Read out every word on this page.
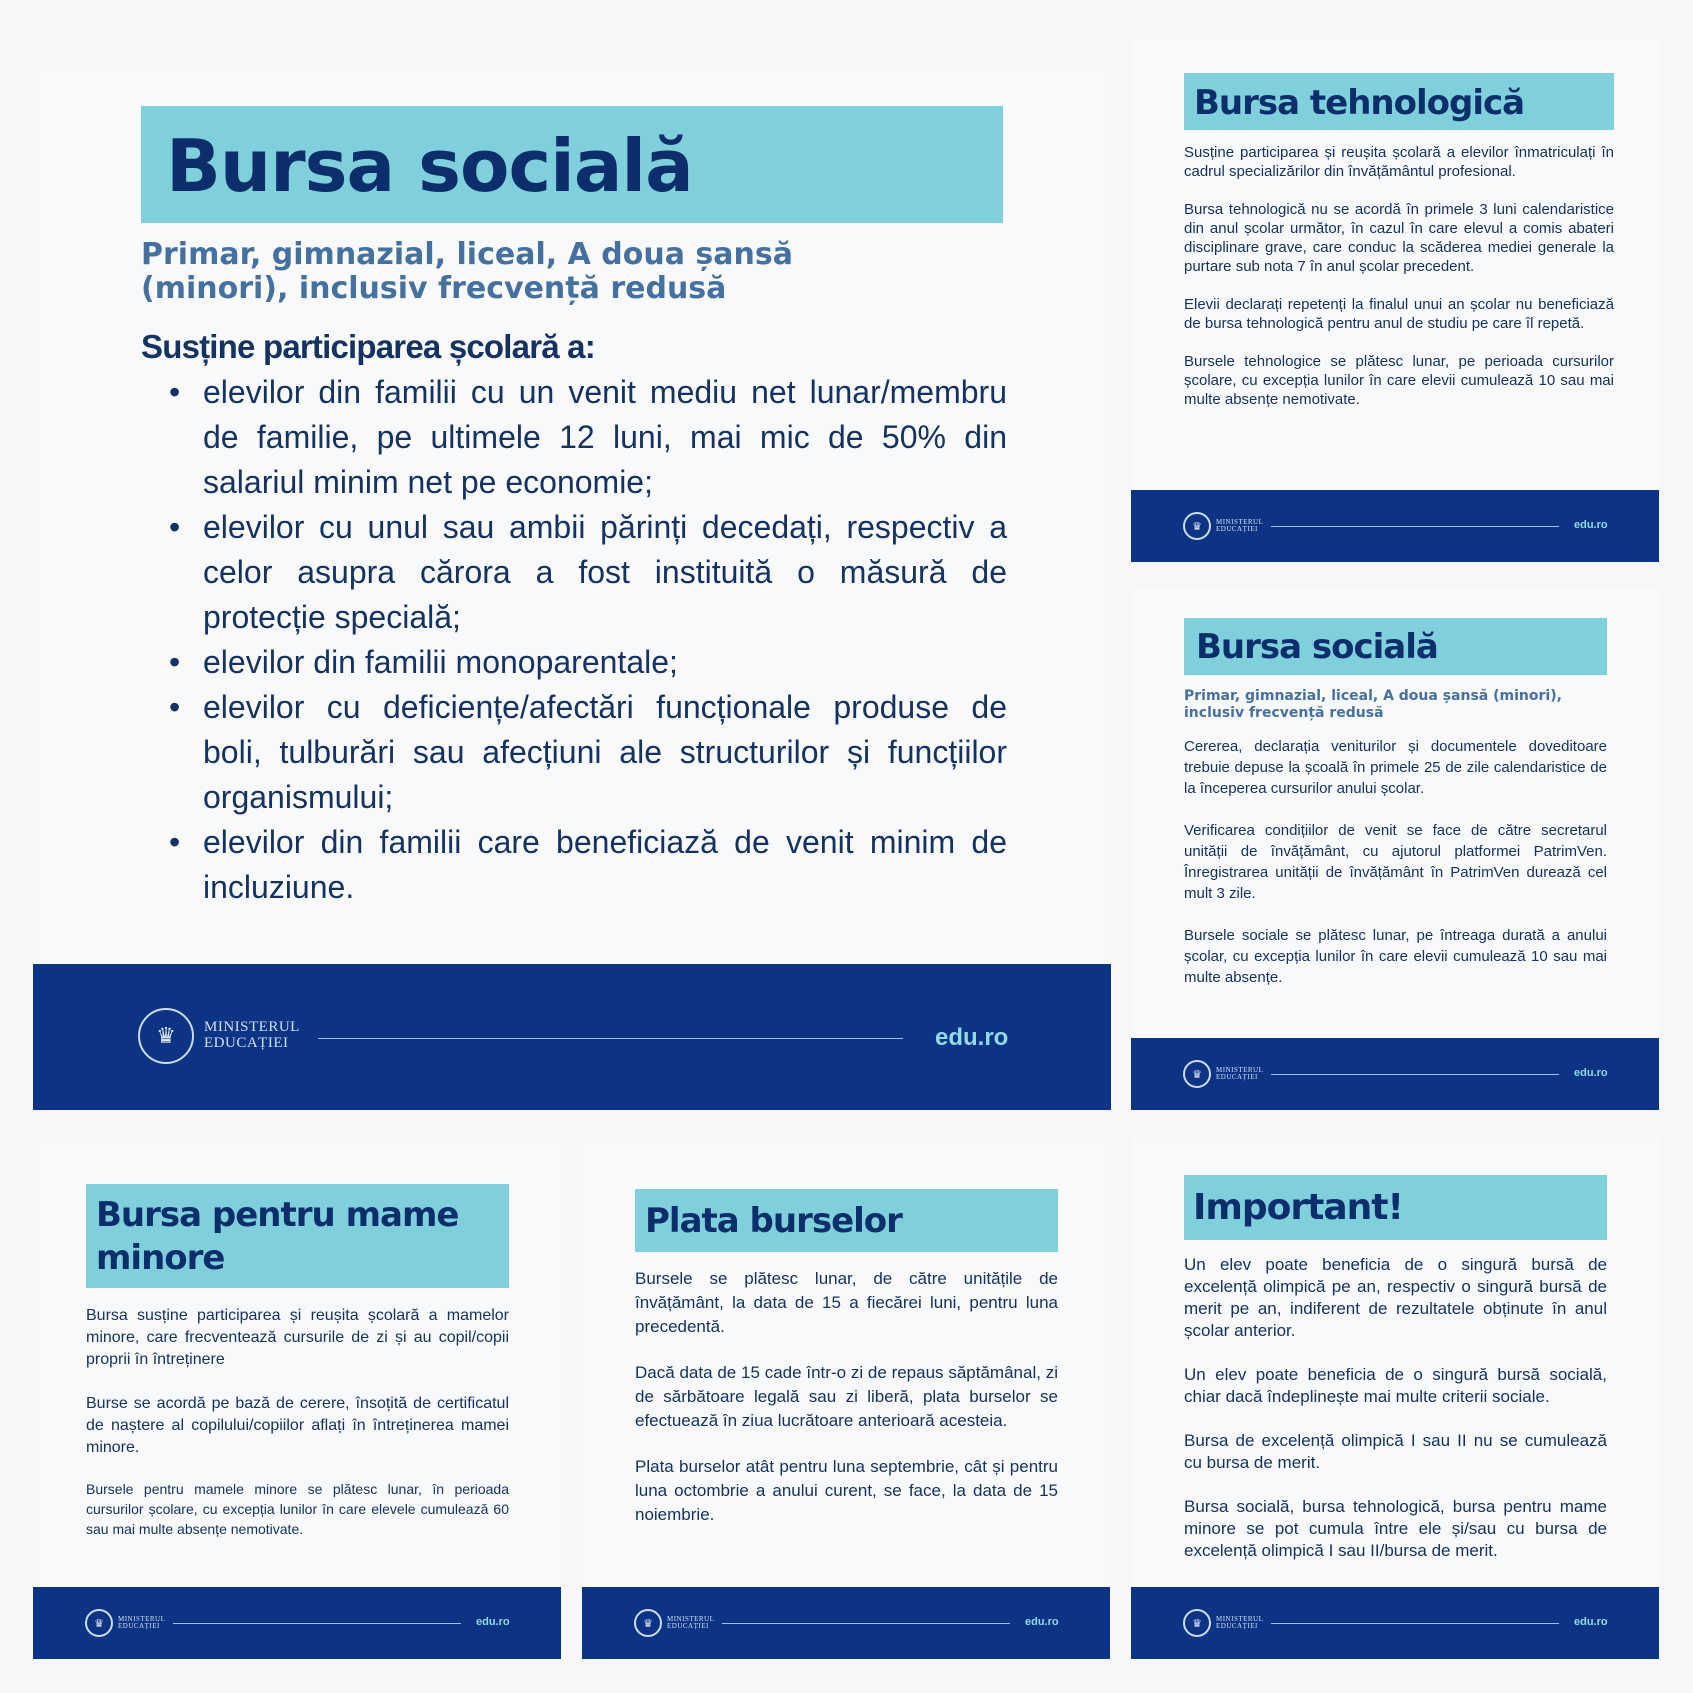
Bursa socială
Primar, gimnazial, liceal, A doua șansă (minori), inclusiv frecvență redusă
Susține participarea școlară a:
• elevilor din familii cu un venit mediu net lunar/membru de familie, pe ultimele 12 luni, mai mic de 50% din salariul minim net pe economie;
• elevilor cu unul sau ambii părinți decedați, respectiv a celor asupra cărora a fost instituită o măsură de protecție specială;
• elevilor din familii monoparentale;
• elevilor cu deficiențe/afectări funcționale produse de boli, tulburări sau afecțiuni ale structurilor și funcțiilor organismului;
• elevilor din familii care beneficiază de venit minim de incluziune.
♛	MINISTERUL
EDUCAȚIEI	edu.ro
Bursa tehnologică

Susține participarea și reușita școlară a elevilor înmatriculați în cadrul specializărilor din învățământul profesional.

Bursa tehnologică nu se acordă în primele 3 luni calendaristice din anul școlar următor, în cazul în care elevul a comis abateri disciplinare grave, care conduc la scăderea mediei generale la purtare sub nota 7 în anul școlar precedent.

Elevii declarați repetenți la finalul unui an școlar nu beneficiază de bursa tehnologică pentru anul de studiu pe care îl repetă.

Bursele tehnologice se plătesc lunar, pe perioada cursurilor școlare, cu excepția lunilor în care elevii cumulează 10 sau mai multe absențe nemotivate.

♛	MINISTERUL
EDUCAȚIEI	edu.ro
Bursa socială
Primar, gimnazial, liceal, A doua șansă (minori), inclusiv frecvență redusă

Cererea, declarația veniturilor și documentele doveditoare trebuie depuse la școală în primele 25 de zile calendaristice de la începerea cursurilor anului școlar.

Verificarea condițiilor de venit se face de către secretarul unității de învățământ, cu ajutorul platformei PatrimVen. Înregistrarea unității de învățământ în PatrimVen durează cel mult 3 zile.

Bursele sociale se plătesc lunar, pe întreaga durată a anului școlar, cu excepția lunilor în care elevii cumulează 10 sau mai multe absențe.

♛	MINISTERUL
EDUCAȚIEI	edu.ro
Bursa pentru mame
minore

Bursa susține participarea și reușita școlară a mamelor minore, care frecventează cursurile de zi și au copil/copii proprii în întreținere

Burse se acordă pe bază de cerere, însoțită de certificatul de naștere al copilului/copiilor aflați în întreținerea mamei minore.

Bursele pentru mamele minore se plătesc lunar, în perioada cursurilor școlare, cu excepția lunilor în care elevele cumulează 60 sau mai multe absențe nemotivate.

♛	MINISTERUL
EDUCAȚIEI	edu.ro
Plata burselor

Bursele se plătesc lunar, de către unitățile de învățământ, la data de 15 a fiecărei luni, pentru luna precedentă.

Dacă data de 15 cade într-o zi de repaus săptămânal, zi de sărbătoare legală sau zi liberă, plata burselor se efectuează în ziua lucrătoare anterioară acesteia.

Plata burselor atât pentru luna septembrie, cât și pentru luna octombrie a anului curent, se face, la data de 15 noiembrie.

♛	MINISTERUL
EDUCAȚIEI	edu.ro
Important!

Un elev poate beneficia de o singură bursă de excelență olimpică pe an, respectiv o singură bursă de merit pe an, indiferent de rezultatele obținute în anul școlar anterior.

Un elev poate beneficia de o singură bursă socială, chiar dacă îndeplinește mai multe criterii sociale.

Bursa de excelență olimpică I sau II nu se cumulează cu bursa de merit.

Bursa socială, bursa tehnologică, bursa pentru mame minore se pot cumula între ele și/sau cu bursa de excelență olimpică I sau II/bursa de merit.

♛	MINISTERUL
EDUCAȚIEI	edu.ro
